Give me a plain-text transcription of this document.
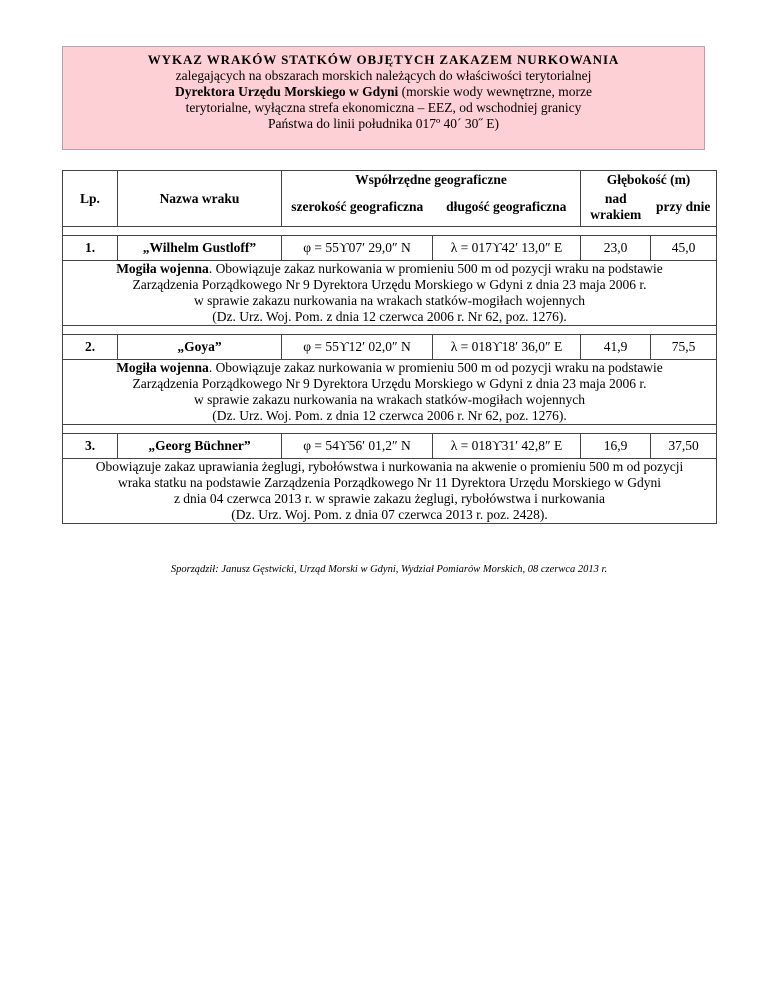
WYKAZ WRAKÓW STATKÓW OBJĘTYCH ZAKAZEM NURKOWANIA
zalegających na obszarach morskich należących do właściwości terytorialnej
Dyrektora Urzędu Morskiego w Gdyni (morskie wody wewnętrzne, morze
terytorialne, wyłączna strefa ekonomiczna – EEZ, od wschodniej granicy
Państwa do linii południka 017º 40´ 30˝ E)
Lp.	Nazwa wraku	Współrzędne geograficzne		Głębokość (m)	
		szerokość geograficzna	długość geograficzna	nad wrakiem	przy dnie

1.	„Wilhelm Gustloff”	φ = 55ϒ07′ 29,0″ N	λ = 017ϒ42′ 13,0″ E	23,0	45,0

Mogiła wojenna. Obowiązuje zakaz nurkowania w promieniu 500 m od pozycji wraku na podstawie
Zarządzenia Porządkowego Nr 9 Dyrektora Urzędu Morskiego w Gdyni z dnia 23 maja 2006 r.
w sprawie zakazu nurkowania na wrakach statków-mogiłach wojennych
(Dz. Urz. Woj. Pom. z dnia 12 czerwca 2006 r. Nr 62, poz. 1276).					

2.	„Goya”	φ = 55ϒ12′ 02,0″ N	λ = 018ϒ18′ 36,0″ E	41,9	75,5

Mogiła wojenna. Obowiązuje zakaz nurkowania w promieniu 500 m od pozycji wraku na podstawie
Zarządzenia Porządkowego Nr 9 Dyrektora Urzędu Morskiego w Gdyni z dnia 23 maja 2006 r.
w sprawie zakazu nurkowania na wrakach statków-mogiłach wojennych
(Dz. Urz. Woj. Pom. z dnia 12 czerwca 2006 r. Nr 62, poz. 1276).					

3.	„Georg Büchner”	φ = 54ϒ56′ 01,2″ N	λ = 018ϒ31′ 42,8″ E	16,9	37,50

Obowiązuje zakaz uprawiania żeglugi, rybołówstwa i nurkowania na akwenie o promieniu 500 m od pozycji
wraka statku na podstawie Zarządzenia Porządkowego Nr 11 Dyrektora Urzędu Morskiego w Gdyni
z dnia 04 czerwca 2013 r. w sprawie zakazu żeglugi, rybołówstwa i nurkowania
(Dz. Urz. Woj. Pom. z dnia 07 czerwca 2013 r. poz. 2428).					
Sporządził: Janusz Gęstwicki, Urząd Morski w Gdyni, Wydział Pomiarów Morskich, 08 czerwca 2013 r.
